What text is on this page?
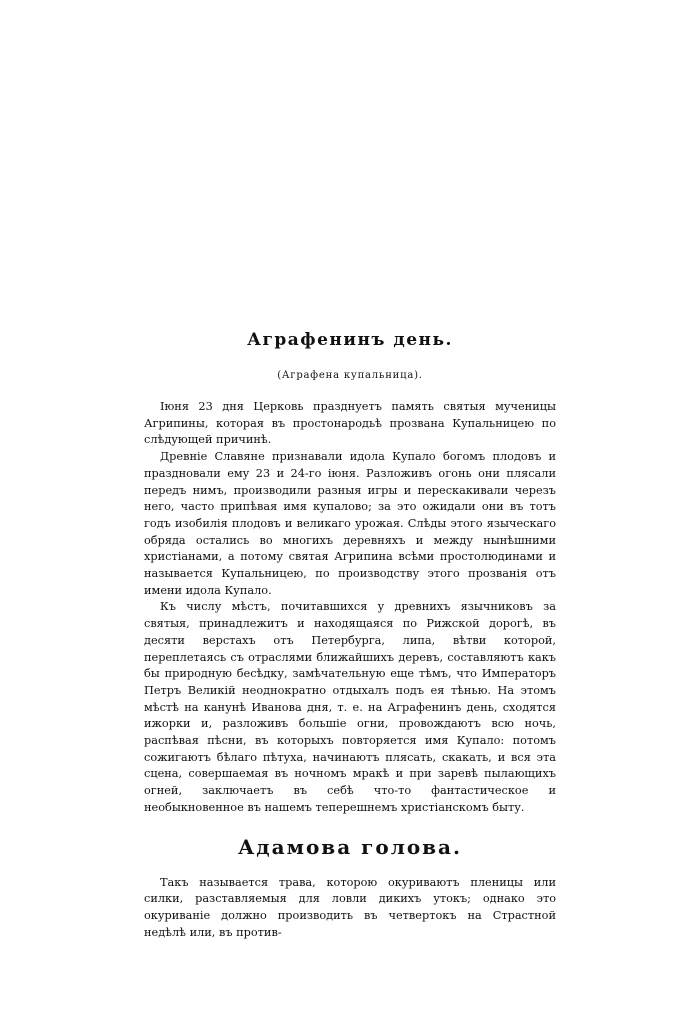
Аграфенинъ день.
(Аграфена купальница).

Іюня 23 дня Церковь празднуетъ память святыя мученицы Агрипины, которая въ простонародьѣ прозвана Купальницею по слѣдующей причинѣ.

Древніе Славяне признавали идола Купало богомъ плодовъ и праздновали ему 23 и 24-го іюня. Разложивъ огонь они плясали передъ нимъ, производили разныя игры и перескакивали черезъ него, часто припѣвая имя купалово; за это ожидали они въ тотъ годъ изобилія плодовъ и великаго урожая. Слѣды этого языческаго обряда остались во многихъ деревняхъ и между нынѣшними христіанами, а потому святая Агрипина всѣми простолюдинами и называется Купальницею, по производству этого прозванія отъ имени идола Купало.

Къ числу мѣстъ, почитавшихся у древнихъ язычниковъ за святыя, принадлежитъ и находящаяся по Рижской дорогѣ, въ десяти верстахъ отъ Петербурга, липа, вѣтви которой, переплетаясь съ отраслями ближайшихъ деревъ, составляютъ какъ бы природную бесѣдку, замѣчательную еще тѣмъ, что Императоръ Петръ Великій неоднократно отдыхалъ подъ ея тѣнью. На этомъ мѣстѣ на канунѣ Иванова дня, т. е. на Аграфенинъ день, сходятся ижорки и, разложивъ большіе огни, провождаютъ всю ночь, распѣвая пѣсни, въ которыхъ повторяется имя Купало: потомъ сожигаютъ бѣлаго пѣтуха, начинаютъ плясать, скакать, и вся эта сцена, совершаемая въ ночномъ мракѣ и при заревѣ пылающихъ огней, заключаетъ въ себѣ что-то фантастическое и необыкновенное въ нашемъ теперешнемъ христіанскомъ быту.

Адамова голова.

Такъ называется трава, которою окуриваютъ пленицы или силки, разставляемыя для ловли дикихъ утокъ; однако это окуриваніе должно производить въ четвертокъ на Страстной недѣлѣ или, въ против-
